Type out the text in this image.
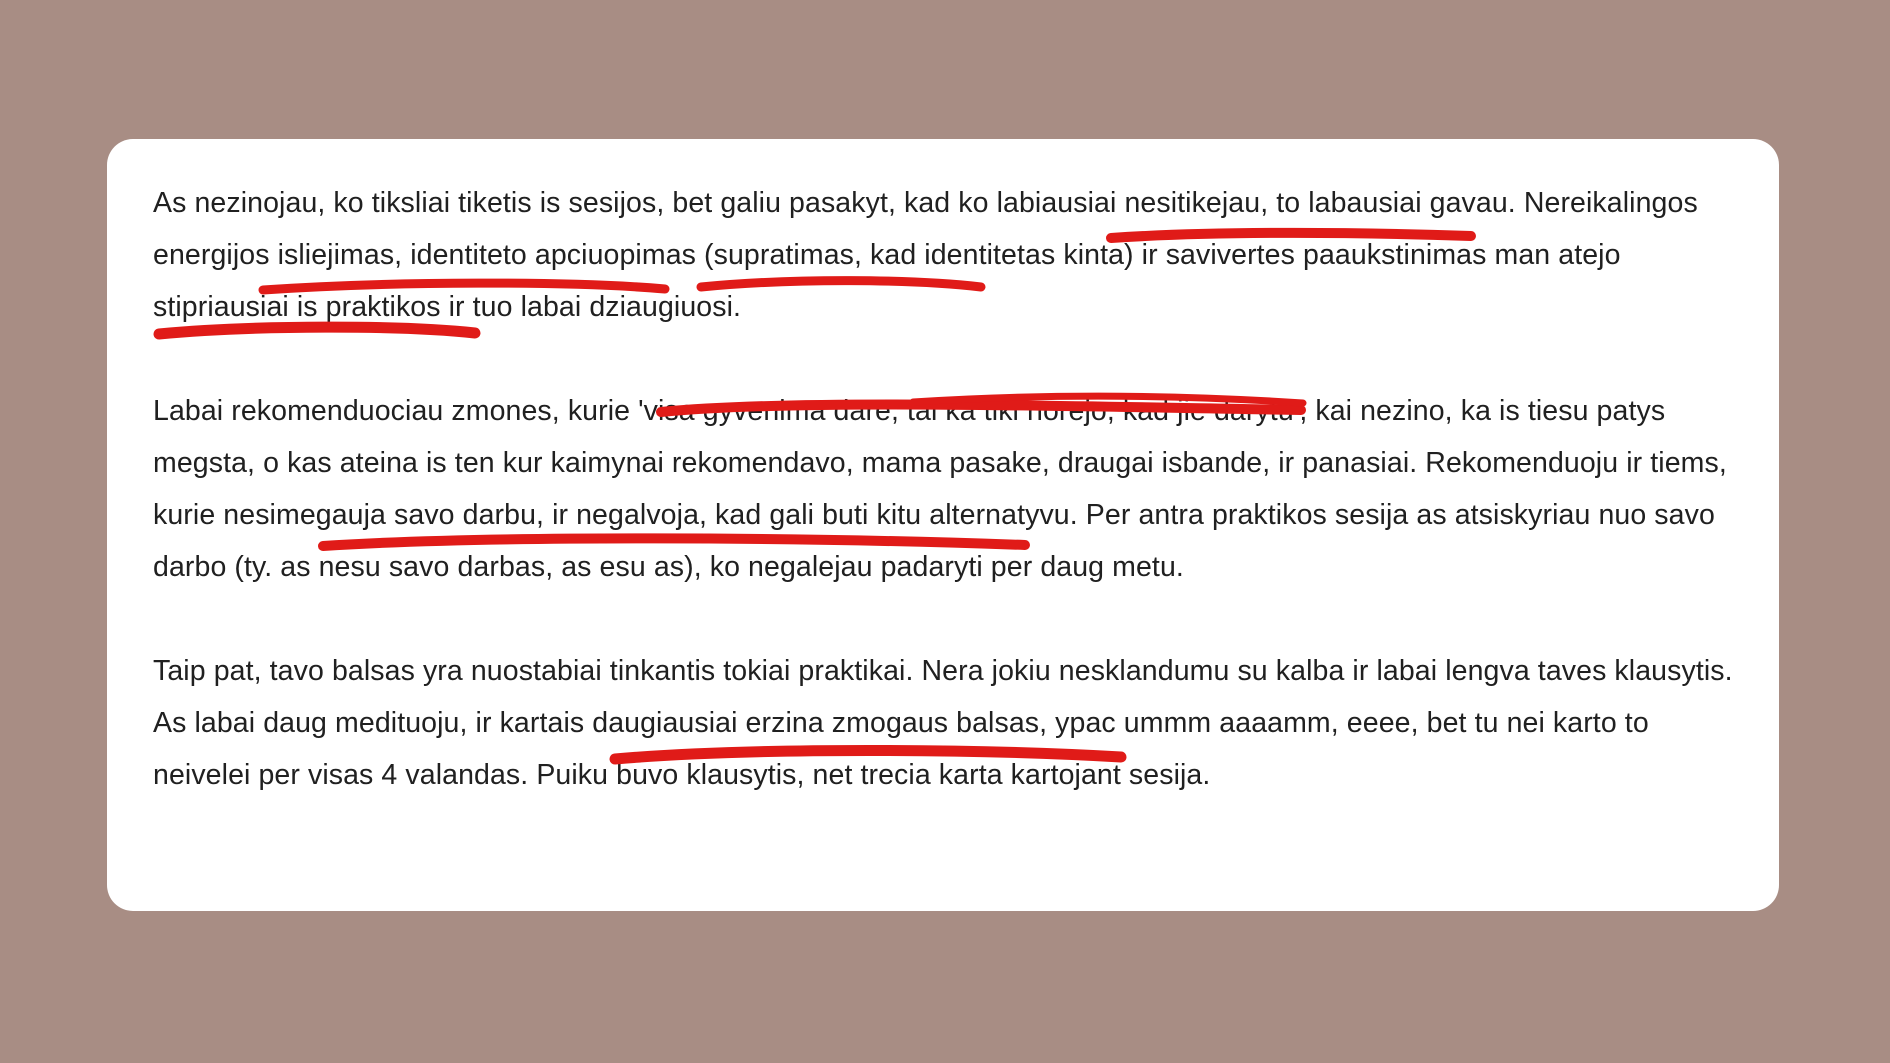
As nezinojau, ko tiksliai tiketis is sesijos, bet galiu pasakyt, kad ko labiausiai nesitikejau, to labausiai gavau. Nereikalingos energijos isliejimas, identiteto apciuopimas (supratimas, kad identitetas kinta) ir savivertes paaukstinimas man atejo stipriausiai is praktikos ir tuo labai dziaugiuosi.

Labai rekomenduociau zmones, kurie 'visa gyvenima dare, tai ka tiki norejo, kad jie darytu', kai nezino, ka is tiesu patys megsta, o kas ateina is ten kur kaimynai rekomendavo, mama pasake, draugai isbande, ir panasiai. Rekomenduoju ir tiems, kurie nesimegauja savo darbu, ir negalvoja, kad gali buti kitu alternatyvu. Per antra praktikos sesija as atsiskyriau nuo savo darbo (ty. as nesu savo darbas, as esu as), ko negalejau padaryti per daug metu.

Taip pat, tavo balsas yra nuostabiai tinkantis tokiai praktikai. Nera jokiu nesklandumu su kalba ir labai lengva taves klausytis. As labai daug medituoju, ir kartais daugiausiai erzina zmogaus balsas, ypac ummm aaaamm, eeee, bet tu nei karto to neivelei per visas 4 valandas. Puiku buvo klausytis, net trecia karta kartojant sesija.
